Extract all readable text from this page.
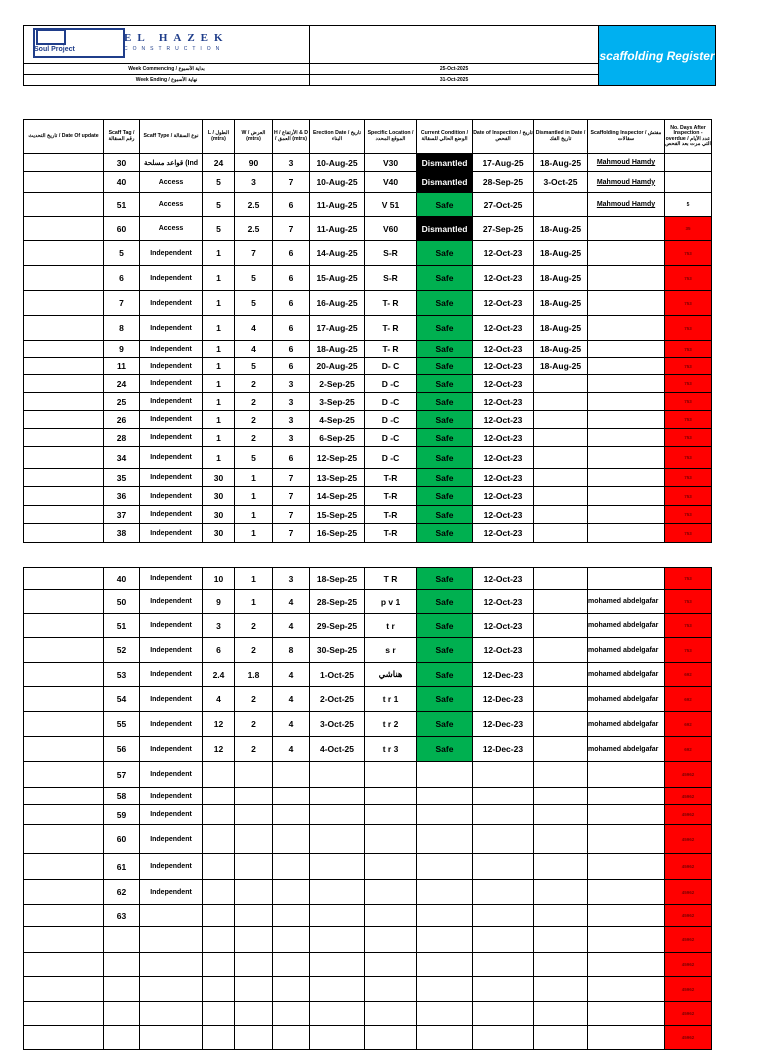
Soul Project
EL HAZEK
CONSTRUCTION		scaffolding Register
Week Commencing / بداية الأسبوع	25-Oct-2025	
Week Ending / نهاية الأسبوع	31-Oct-2025	
تاريخ التحديث / Date Of update	Scaff Tag / رقم السقالة	Scaff Type / نوع السقالة	L / الطول (mtrs)	W / العرض (mtrs)	H / الأرتفاع & D / العمق (mtrs)	Erection Date / تاريخ البناء	Specific Location / الموقع المحدد	Current Condition / الوضع الحالي للسقالة	Date of Inspection / تاريخ الفحص	Dismantled in Date / تاريخ الفك	Scaffolding Inspector / مفتش سقالات	No. Days After Inspection - overdue / عدد الأيام التي مرت بعد الفحص
	30	قواعد مسلحة (Ind	24	90	3	10-Aug-25	V30	Dismantled	17-Aug-25	18-Aug-25	Mahmoud Hamdy	
	40	Access	5	3	7	10-Aug-25	V40	Dismantled	28-Sep-25	3-Oct-25	Mahmoud Hamdy	
	51	Access	5	2.5	6	11-Aug-25	V 51	Safe	27-Oct-25		Mahmoud Hamdy	5
	60	Access	5	2.5	7	11-Aug-25	V60	Dismantled	27-Sep-25	18-Aug-25		35
	5	Independent	1	7	6	14-Aug-25	S-R	Safe	12-Oct-23	18-Aug-25		753
	6	Independent	1	5	6	15-Aug-25	S-R	Safe	12-Oct-23	18-Aug-25		753
	7	Independent	1	5	6	16-Aug-25	T- R	Safe	12-Oct-23	18-Aug-25		753
	8	Independent	1	4	6	17-Aug-25	T- R	Safe	12-Oct-23	18-Aug-25		753
	9	Independent	1	4	6	18-Aug-25	T- R	Safe	12-Oct-23	18-Aug-25		753
	11	Independent	1	5	6	20-Aug-25	D- C	Safe	12-Oct-23	18-Aug-25		753
	24	Independent	1	2	3	2-Sep-25	D -C	Safe	12-Oct-23			753
	25	Independent	1	2	3	3-Sep-25	D -C	Safe	12-Oct-23			753
	26	Independent	1	2	3	4-Sep-25	D -C	Safe	12-Oct-23			753
	28	Independent	1	2	3	6-Sep-25	D -C	Safe	12-Oct-23			753
	34	Independent	1	5	6	12-Sep-25	D -C	Safe	12-Oct-23			753
	35	Independent	30	1	7	13-Sep-25	T-R	Safe	12-Oct-23			753
	36	Independent	30	1	7	14-Sep-25	T-R	Safe	12-Oct-23			753
	37	Independent	30	1	7	15-Sep-25	T-R	Safe	12-Oct-23			753
	38	Independent	30	1	7	16-Sep-25	T-R	Safe	12-Oct-23			753
	40	Independent	10	1	3	18-Sep-25	T R	Safe	12-Oct-23			753
	50	Independent	9	1	4	28-Sep-25	p v 1	Safe	12-Oct-23		mohamed abdelgafar	753
	51	Independent	3	2	4	29-Sep-25	t r	Safe	12-Oct-23		mohamed abdelgafar	753
	52	Independent	6	2	8	30-Sep-25	s r	Safe	12-Oct-23		mohamed abdelgafar	753
	53	Independent	2.4	1.8	4	1-Oct-25	هناشي	Safe	12-Dec-23		mohamed abdelgafar	692
	54	Independent	4	2	4	2-Oct-25	t r 1	Safe	12-Dec-23		mohamed abdelgafar	692
	55	Independent	12	2	4	3-Oct-25	t r 2	Safe	12-Dec-23		mohamed abdelgafar	692
	56	Independent	12	2	4	4-Oct-25	t r 3	Safe	12-Dec-23		mohamed abdelgafar	692
	57	Independent										45962
	58	Independent										45962
	59	Independent										45962
	60	Independent										45962
	61	Independent										45962
	62	Independent										45962
	63											45962
												45962
												45962
												45962
												45962
												45962
